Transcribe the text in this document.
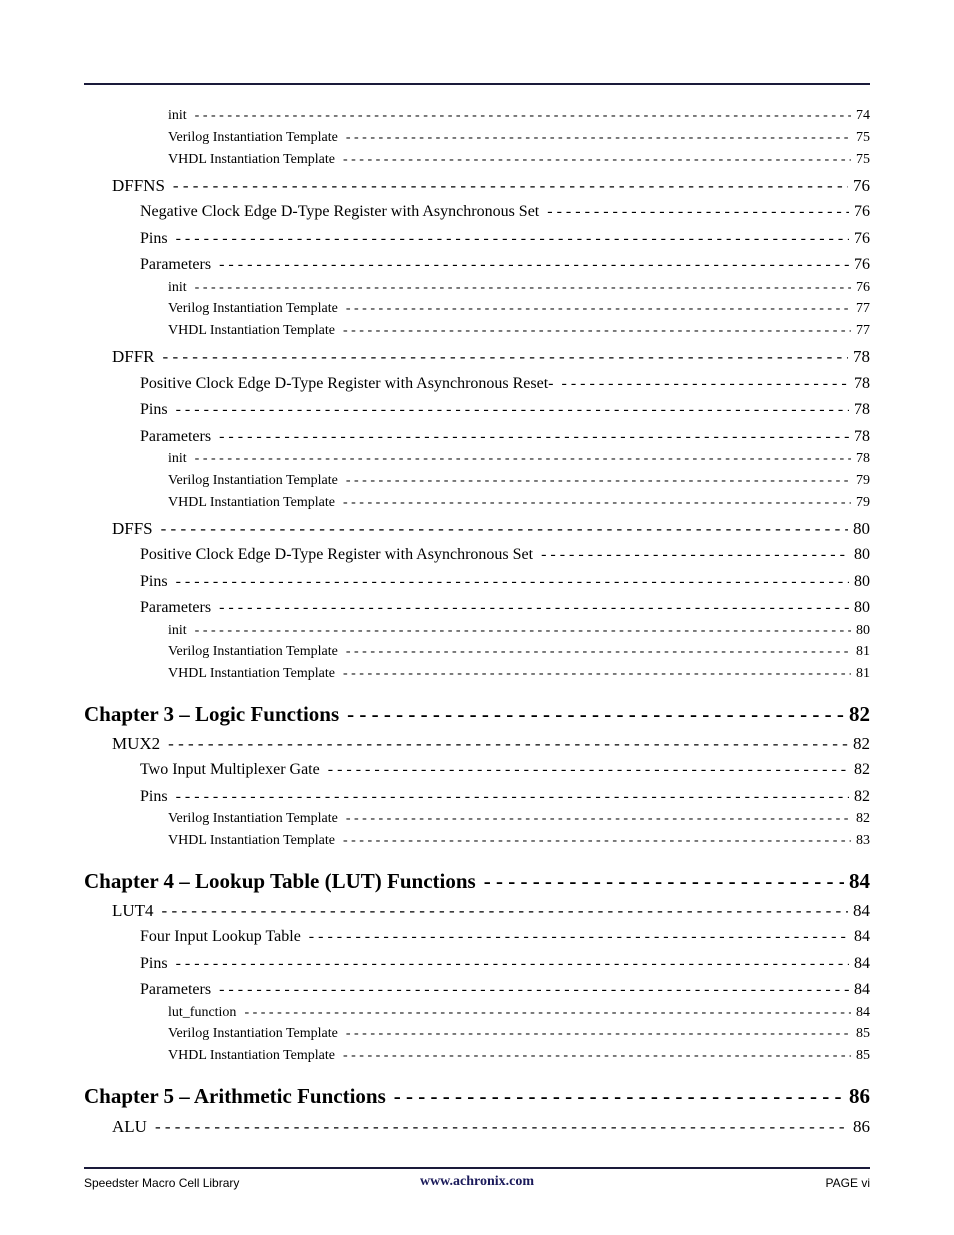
init - - -	74
Verilog Instantiation Template - - -	75
VHDL Instantiation Template - - -	75
DFFNS - - -	76
Negative Clock Edge D-Type Register with Asynchronous Set - - -	76
Pins - - -	76
Parameters - - -	76
init - - -	76
Verilog Instantiation Template - - -	77
VHDL Instantiation Template - - -	77
DFFR - - -	78
Positive Clock Edge D-Type Register with Asynchronous Reset- - - -	78
Pins - - -	78
Parameters - - -	78
init - - -	78
Verilog Instantiation Template - - -	79
VHDL Instantiation Template - - -	79
DFFS - - -	80
Positive Clock Edge D-Type Register with Asynchronous Set - - -	80
Pins - - -	80
Parameters - - -	80
init - - -	80
Verilog Instantiation Template - - -	81
VHDL Instantiation Template - - -	81
Chapter 3 – Logic Functions - - -	82
MUX2 - - -	82
Two Input Multiplexer Gate - - -	82
Pins - - -	82
Verilog Instantiation Template - - -	82
VHDL Instantiation Template - - -	83
Chapter 4 – Lookup Table (LUT) Functions - - -	84
LUT4 - - -	84
Four Input Lookup Table - - -	84
Pins - - -	84
Parameters - - -	84
lut_function - - -	84
Verilog Instantiation Template - - -	85
VHDL Instantiation Template - - -	85
Chapter 5 – Arithmetic Functions - - -	86
ALU - - -	86
Speedster Macro Cell Library	www.achronix.com	PAGE vi
